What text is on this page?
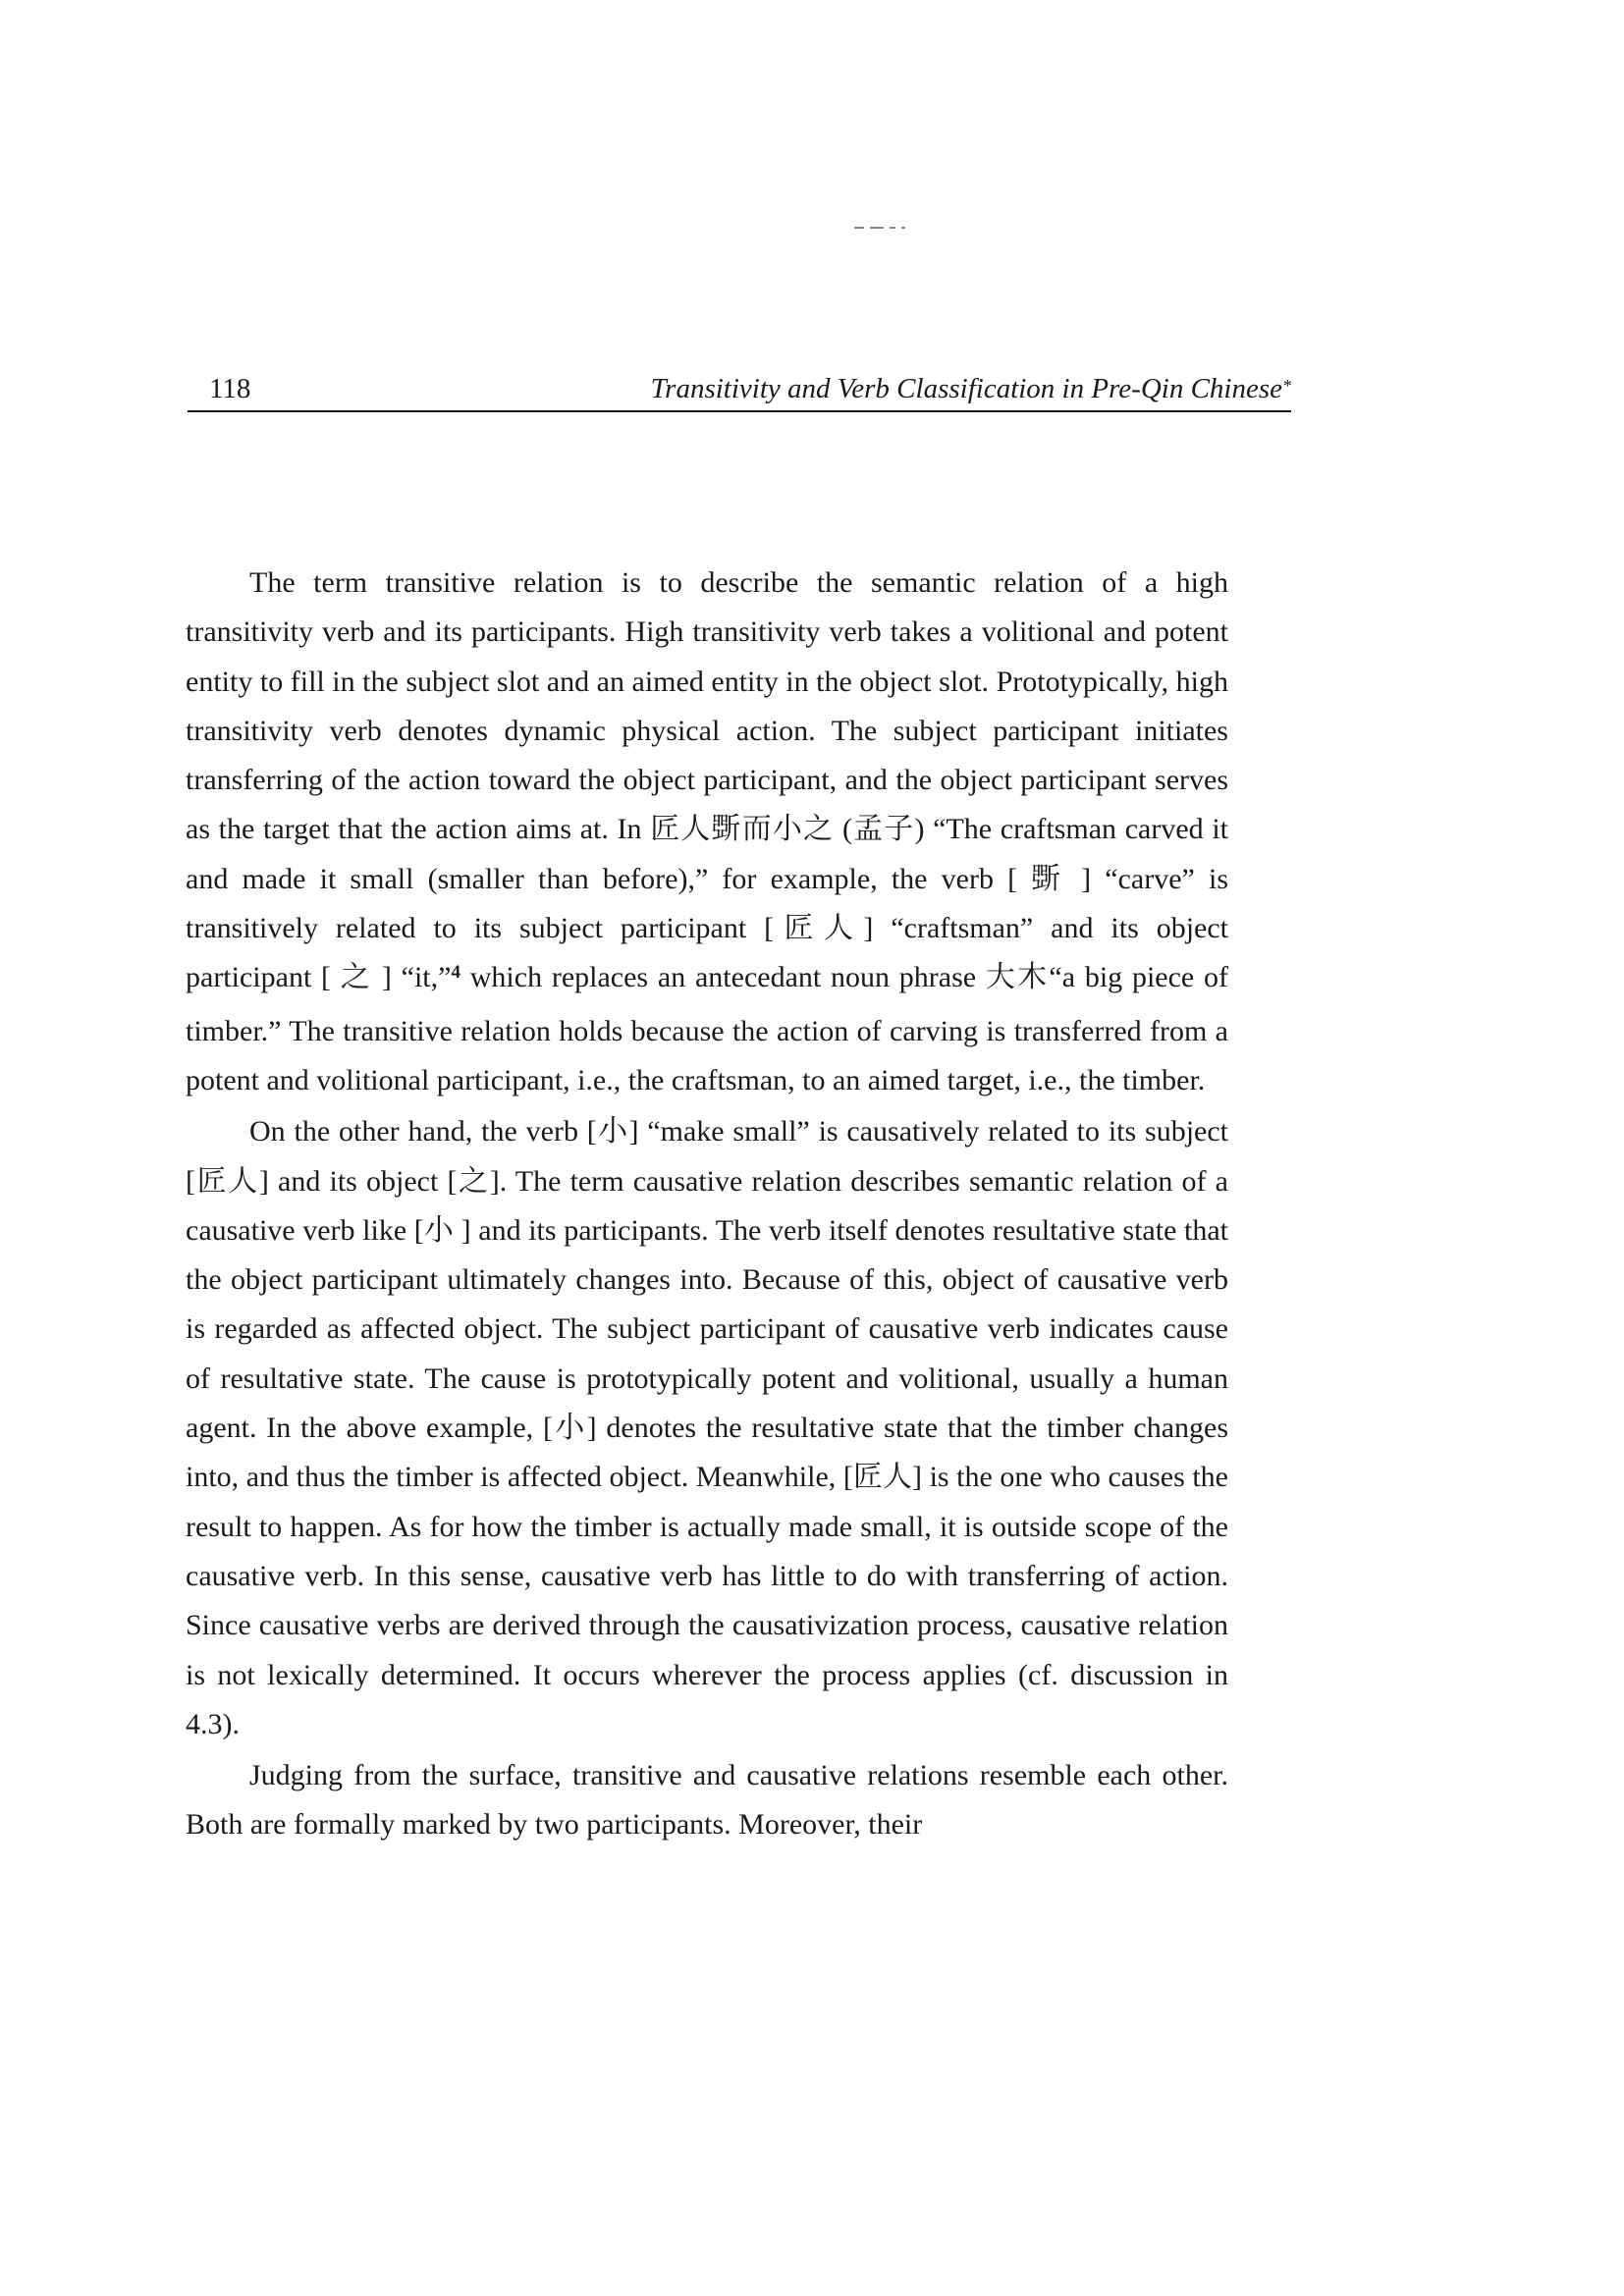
118	Transitivity and Verb Classification in Pre-Qin Chinese*

The term transitive relation is to describe the semantic relation of a high transitivity verb and its participants. High transitivity verb takes a volitional and potent entity to fill in the subject slot and an aimed entity in the object slot. Prototypically, high transitivity verb denotes dynamic physical action. The subject participant initiates transferring of the action toward the object participant, and the object participant serves as the target that the action aims at. In 匠人斲而小之 (孟子) “The craftsman carved it and made it small (smaller than before),” for example, the verb [ 斲 ] “carve” is transitively related to its subject participant [匠人] “craftsman” and its object participant [ 之 ] “it,”$^4$ which replaces an antecedant noun phrase 大木“a big piece of timber.” The transitive relation holds because the action of carving is transferred from a potent and volitional participant, i.e., the craftsman, to an aimed target, i.e., the timber.

On the other hand, the verb [小] “make small” is causatively related to its subject [匠人] and its object [之]. The term causative relation describes semantic relation of a causative verb like [小 ] and its participants. The verb itself denotes resultative state that the object participant ultimately changes into. Because of this, object of causative verb is regarded as affected object. The subject participant of causative verb indicates cause of resultative state. The cause is prototypically potent and volitional, usually a human agent. In the above example, [小] denotes the resultative state that the timber changes into, and thus the timber is affected object. Meanwhile, [匠人] is the one who causes the result to happen. As for how the timber is actually made small, it is outside scope of the causative verb. In this sense, causative verb has little to do with transferring of action. Since causative verbs are derived through the causativization process, causative relation is not lexically determined. It occurs wherever the process applies (cf. discussion in 4.3).

Judging from the surface, transitive and causative relations resemble each other. Both are formally marked by two participants. Moreover, their
